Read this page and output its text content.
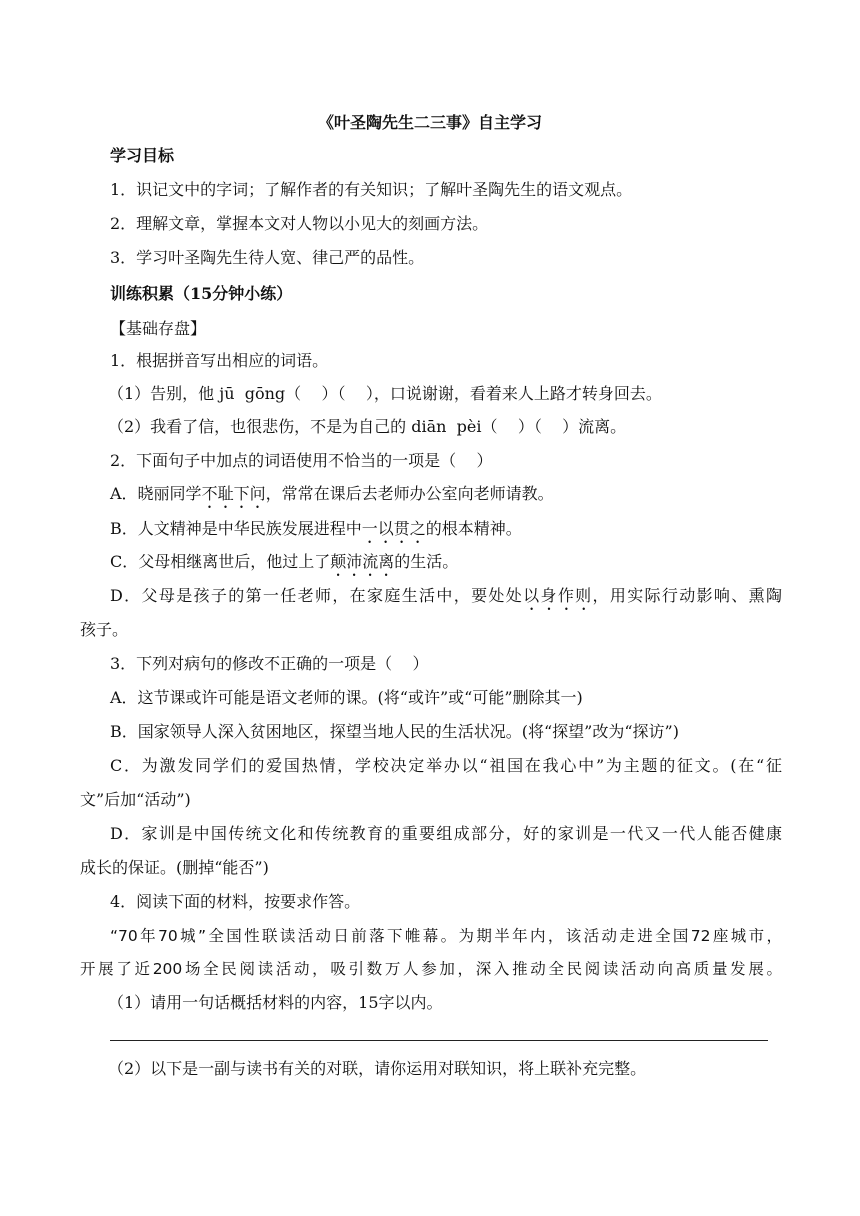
《叶圣陶先生二三事》自主学习
学习目标
1．识记文中的字词；了解作者的有关知识；了解叶圣陶先生的语文观点。
2．理解文章，掌握本文对人物以小见大的刻画方法。
3．学习叶圣陶先生待人宽、律己严的品性。
训练积累（15分钟小练）
【基础存盘】
1．根据拼音写出相应的词语。
（1）告别，他 jū  gōng（    ）（    ），口说谢谢，看着来人上路才转身回去。
（2）我看了信，也很悲伤，不是为自己的 diān  pèi（    ）（    ）流离。
2．下面句子中加点的词语使用不恰当的一项是（    ）
A．晓丽同学不耻下问，常常在课后去老师办公室向老师请教。
B．人文精神是中华民族发展进程中一以贯之的根本精神。
C．父母相继离世后，他过上了颠沛流离的生活。
D．父母是孩子的第一任老师，在家庭生活中，要处处以身作则，用实际行动影响、熏陶
孩子。
3．下列对病句的修改不正确的一项是（    ）
A．这节课或许可能是语文老师的课。(将“或许”或“可能”删除其一)
B．国家领导人深入贫困地区，探望当地人民的生活状况。(将“探望”改为“探访”)
C．为激发同学们的爱国热情，学校决定举办以“祖国在我心中”为主题的征文。(在“征
文”后加“活动”)
D．家训是中国传统文化和传统教育的重要组成部分，好的家训是一代又一代人能否健康
成长的保证。(删掉“能否”)
4．阅读下面的材料，按要求作答。
“70年70城”全国性联读活动日前落下帷幕。为期半年内，该活动走进全国72座城市，
开展了近200场全民阅读活动，吸引数万人参加，深入推动全民阅读活动向高质量发展。
（1）请用一句话概括材料的内容，15字以内。
（2）以下是一副与读书有关的对联，请你运用对联知识，将上联补充完整。
